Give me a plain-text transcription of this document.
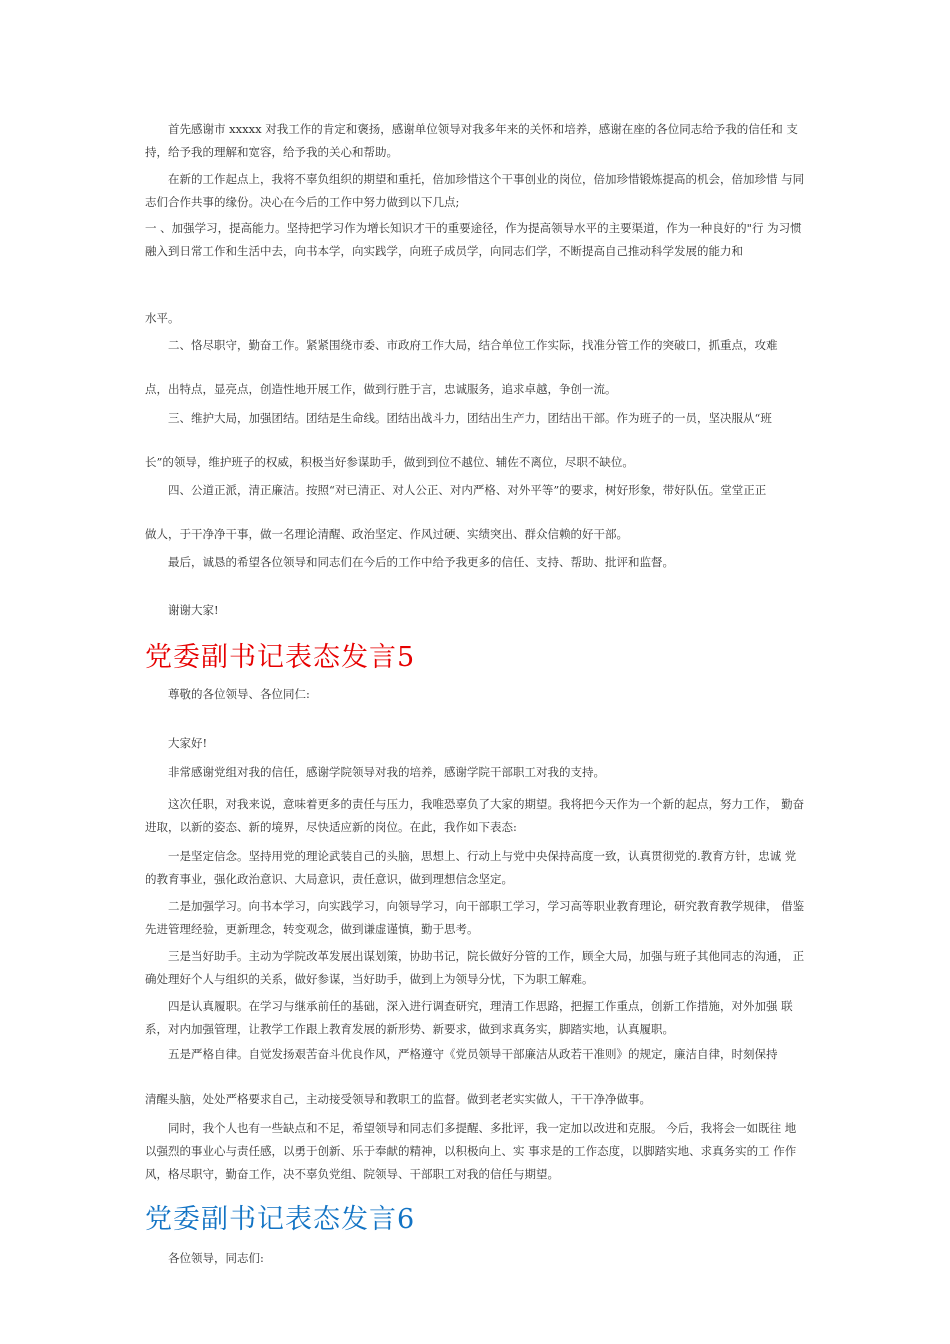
首先感谢市 xxxxx 对我工作的肯定和褒扬，感谢单位领导对我多年来的关怀和培养，感谢在座的各位同志给予我的信任和 支持，给予我的理解和宽容，给予我的关心和帮助。

在新的工作起点上，我将不辜负组织的期望和重托，倍加珍惜这个干事创业的岗位，倍加珍惜锻炼提高的机会，倍加珍惜 与同志们合作共事的缘份。决心在今后的工作中努力做到以下几点;

一 、加强学习，提高能力。坚持把学习作为增长知识才干的重要途径，作为提高领导水平的主要渠道，作为一种良好的"行 为习惯融入到日常工作和生活中去，向书本学，向实践学，向班子成员学，向同志们学，不断提高自己推动科学发展的能力和

水平。

二、恪尽职守，勤奋工作。紧紧围绕市委、市政府工作大局，结合单位工作实际，找准分管工作的突破口，抓重点，攻难

点，出特点，显亮点，创造性地开展工作，做到行胜于言，忠诚服务，追求卓越，争创一流。

三、维护大局，加强团结。团结是生命线。团结出战斗力，团结出生产力，团结出干部。作为班子的一员，坚决服从“班

长”的领导，维护班子的权威，积极当好参谋助手，做到到位不越位、辅佐不离位，尽职不缺位。

四、公道正派，清正廉洁。按照“对已清正、对人公正、对内严格、对外平等”的要求，树好形象，带好队伍。堂堂正正

做人，于干净净干事，做一名理论清醒、政治坚定、作风过硬、实绩突出、群众信赖的好干部。

最后，诚恳的希望各位领导和同志们在今后的工作中给予我更多的信任、支持、帮助、批评和监督。

谢谢大家!

党委副书记表态发言5

尊敬的各位领导、各位同仁:

大家好!

非常感谢党组对我的信任，感谢学院领导对我的培养，感谢学院干部职工对我的支持。

这次任职，对我来说，意味着更多的责任与压力，我唯恐辜负了大家的期望。我将把今天作为一个新的起点，努力工作， 勤奋进取，以新的姿态、新的境界，尽快适应新的岗位。在此，我作如下表态:

一是坚定信念。坚持用党的理论武装自己的头脑，思想上、行动上与党中央保持高度一致，认真贯彻党的.教育方针，忠诚 党的教育事业，强化政治意识、大局意识，责任意识，做到理想信念坚定。

二是加强学习。向书本学习，向实践学习，向领导学习，向干部职工学习，学习高等职业教育理论，研究教育教学规律， 借鉴先进管理经验，更新理念，转变观念，做到谦虚谨慎，勤于思考。

三是当好助手。主动为学院改革发展出谋划策，协助书记，院长做好分管的工作，顾全大局，加强与班子其他同志的沟通， 正确处理好个人与组织的关系，做好参谋，当好助手，做到上为领导分忧，下为职工解难。

四是认真履职。在学习与继承前任的基础，深入进行调查研究，理清工作思路，把握工作重点，创新工作措施，对外加强 联系，对内加强管理，让教学工作跟上教育发展的新形势、新要求，做到求真务实，脚踏实地，认真履职。

五是严格自律。自觉发扬艰苦奋斗优良作风，严格遵守《党员领导干部廉洁从政若干准则》的规定，廉洁自律，时刻保持

清醒头脑，处处严格要求自己，主动接受领导和教职工的监督。做到老老实实做人，干干净净做事。

同时，我个人也有一些缺点和不足，希望领导和同志们多提醒、多批评，我一定加以改进和克服。 今后，我将会一如既往 地以强烈的事业心与责任感，以勇于创新、乐于奉献的精神，以积极向上、实 事求是的工作态度，以脚踏实地、求真务实的工 作作风，格尽职守，勤奋工作，决不辜负党组、院领导、干部职工对我的信任与期望。

党委副书记表态发言6

各位领导，同志们:
